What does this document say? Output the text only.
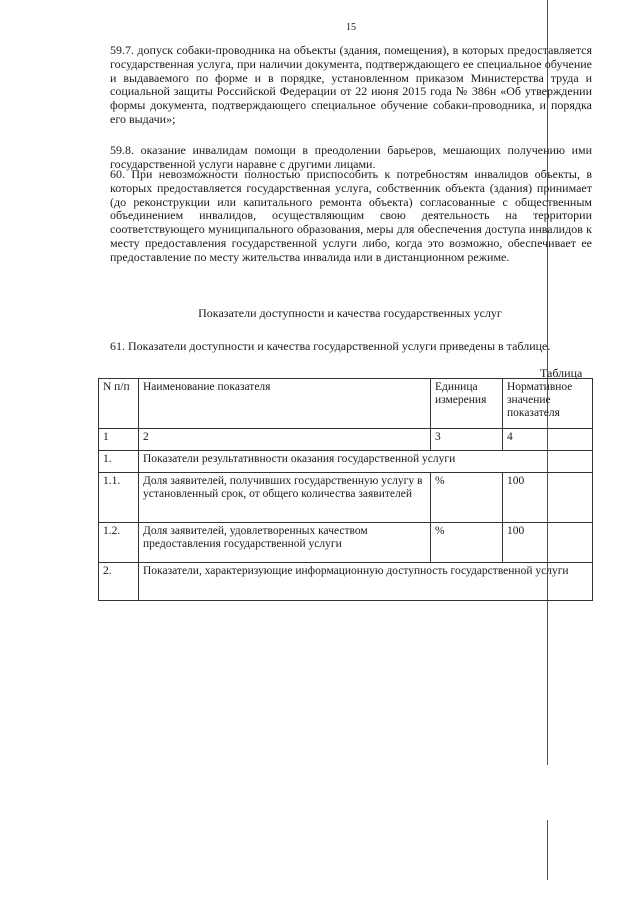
15
59.7. допуск собаки-проводника на объекты (здания, помещения), в которых предоставляется государственная услуга, при наличии документа, подтверждающего ее специальное обучение и выдаваемого по форме и в порядке, установленном приказом Министерства труда и социальной защиты Российской Федерации от 22 июня 2015 года № 386н «Об утверждении формы документа, подтверждающего специальное обучение собаки-проводника, и порядка его выдачи»;
59.8. оказание инвалидам помощи в преодолении барьеров, мешающих получению ими государственной услуги наравне с другими лицами.
60. При невозможности полностью приспособить к потребностям инвалидов объекты, в которых предоставляется государственная услуга, собственник объекта (здания) принимает (до реконструкции или капитального ремонта объекта) согласованные с общественным объединением инвалидов, осуществляющим свою деятельность на территории соответствующего муниципального образования, меры для обеспечения доступа инвалидов к месту предоставления государственной услуги либо, когда это возможно, обеспечивает ее предоставление по месту жительства инвалида или в дистанционном режиме.
Показатели доступности и качества государственных услуг
61. Показатели доступности и качества государственной услуги приведены в таблице.
Таблица
N п/п	Наименование показателя	Единица измерения	Нормативное значение показателя
1	2	3	4
1.	Показатели результативности оказания государственной услуги		
1.1.	Доля заявителей, получивших государственную услугу в установленный срок, от общего количества заявителей	%	100
1.2.	Доля заявителей, удовлетворенных качеством предоставления государственной услуги	%	100
2.	Показатели, характеризующие информационную доступность государственной услуги		
